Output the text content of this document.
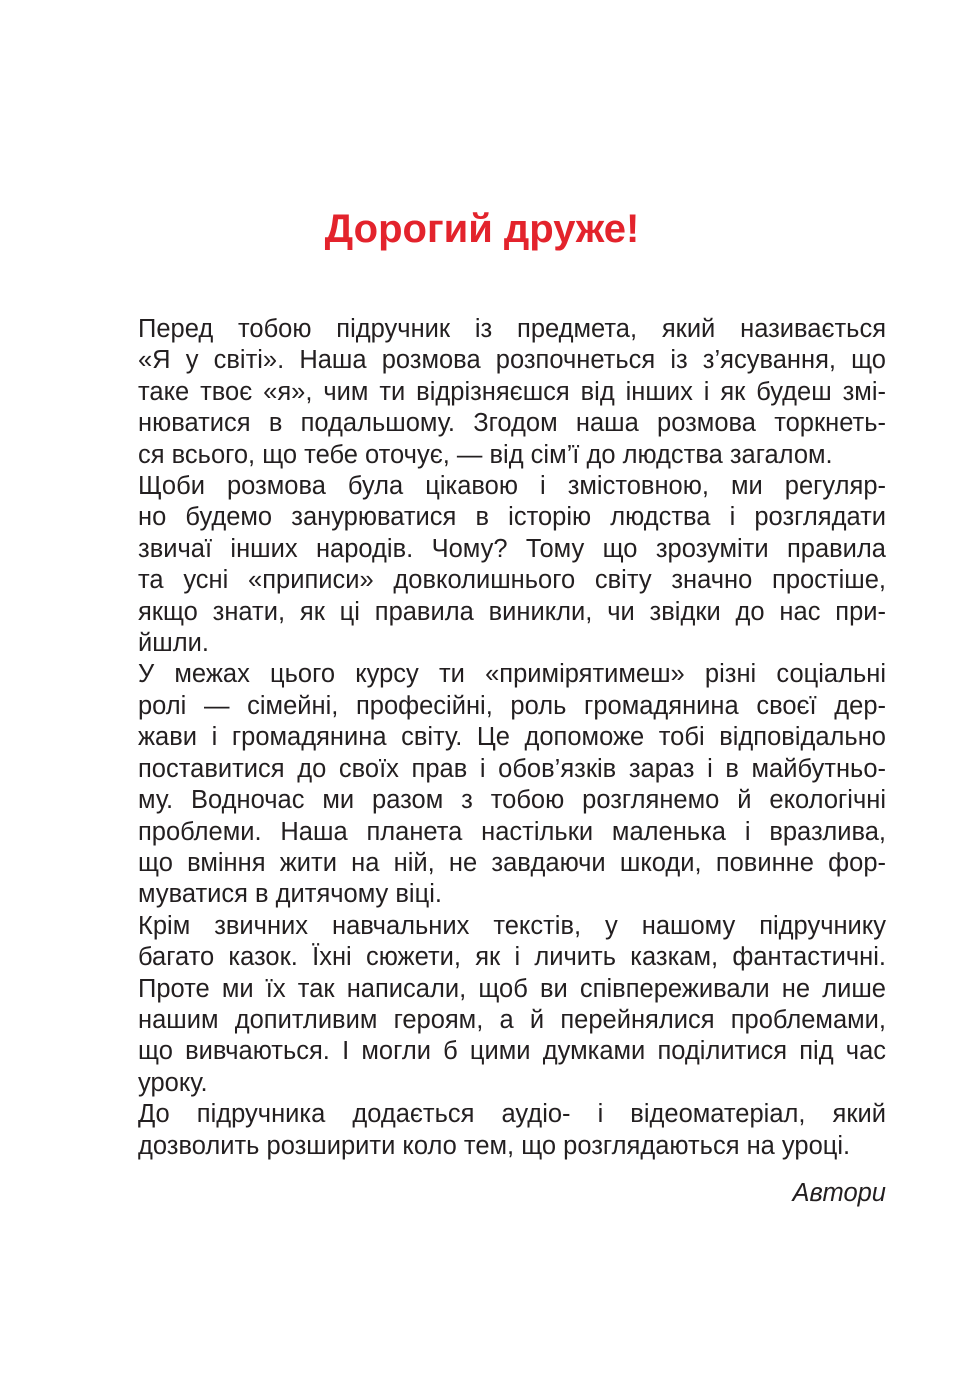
Дорогий друже!

Перед тобою підручник із предмета, який називається
«Я у світі». Наша розмова розпочнеться із з’ясування, що
таке твоє «я», чим ти відрізняєшся від інших і як будеш змі-
нюватися в подальшому. Згодом наша розмова торкнеть-
ся всього, що тебе оточує, — від сім’ї до людства загалом.

Щоби розмова була цікавою і змістовною, ми регуляр-
но будемо занурюватися в історію людства і розглядати
звичаї інших народів. Чому? Тому що зрозуміти правила
та усні «приписи» довколишнього світу значно простіше,
якщо знати, як ці правила виникли, чи звідки до нас при-
йшли.

У межах цього курсу ти «примірятимеш» різні соціальні
ролі — сімейні, професійні, роль громадянина своєї дер-
жави і громадянина світу. Це допоможе тобі відповідально
поставитися до своїх прав і обов’язків зараз і в майбутньо-
му. Водночас ми разом з тобою розглянемо й екологічні
проблеми. Наша планета настільки маленька і вразлива,
що вміння жити на ній, не завдаючи шкоди, повинне фор-
муватися в дитячому віці.

Крім звичних навчальних текстів, у нашому підручнику
багато казок. Їхні сюжети, як і личить казкам, фантастичні.
Проте ми їх так написали, щоб ви співпереживали не лише
нашим допитливим героям, а й перейнялися проблемами,
що вивчаються. І могли б цими думками поділитися під час
уроку.

До підручника додається аудіо- і відеоматеріал, який
дозволить розширити коло тем, що розглядаються на уроці.

Автори
